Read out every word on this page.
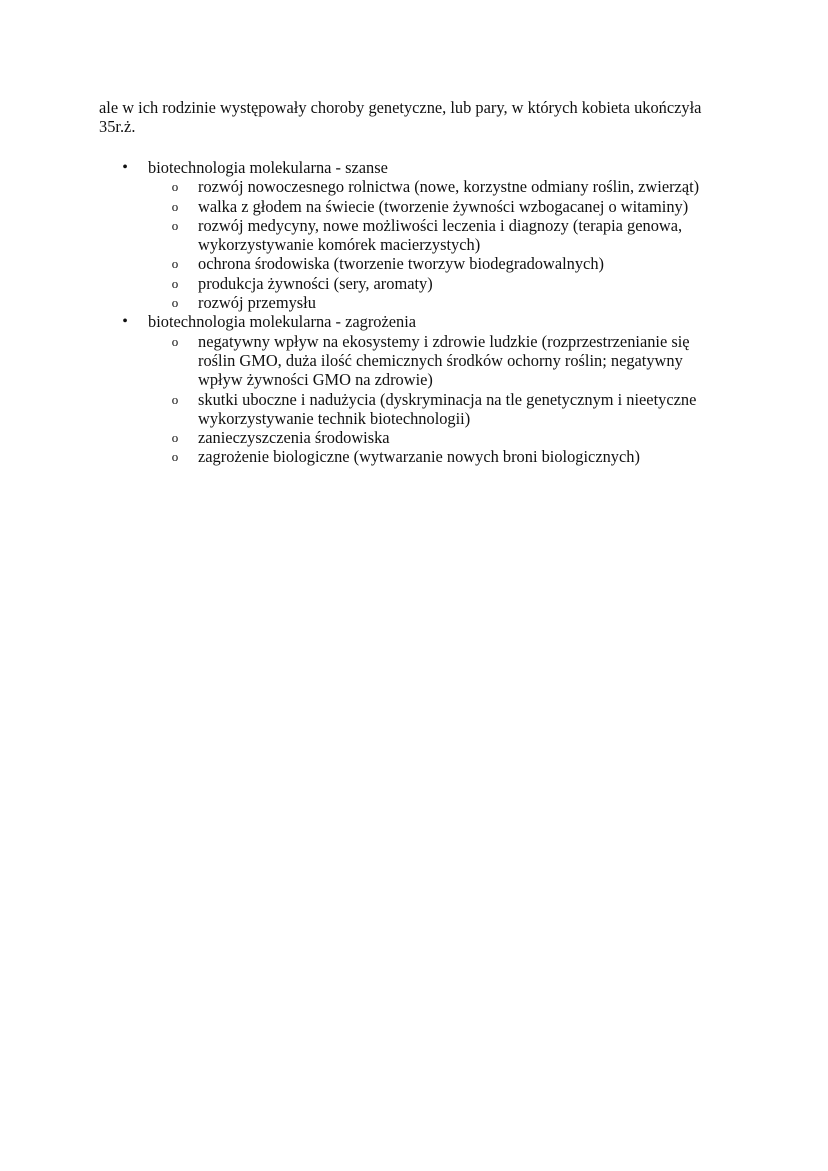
ale w ich rodzinie występowały choroby genetyczne, lub pary, w których kobieta ukończyła
35r.ż.

• biotechnologia molekularna - szanse
o rozwój nowoczesnego rolnictwa (nowe, korzystne odmiany roślin, zwierząt)
o walka z głodem na świecie (tworzenie żywności wzbogacanej o witaminy)
o rozwój medycyny, nowe możliwości leczenia i diagnozy (terapia genowa,
wykorzystywanie komórek macierzystych)
o ochrona środowiska (tworzenie tworzyw biodegradowalnych)
o produkcja żywności (sery, aromaty)
o rozwój przemysłu
• biotechnologia molekularna - zagrożenia
o negatywny wpływ na ekosystemy i zdrowie ludzkie (rozprzestrzenianie się
roślin GMO, duża ilość chemicznych środków ochorny roślin; negatywny
wpływ żywności GMO na zdrowie)
o skutki uboczne i nadużycia (dyskryminacja na tle genetycznym i nieetyczne
wykorzystywanie technik biotechnologii)
o zanieczyszczenia środowiska
o zagrożenie biologiczne (wytwarzanie nowych broni biologicznych)
